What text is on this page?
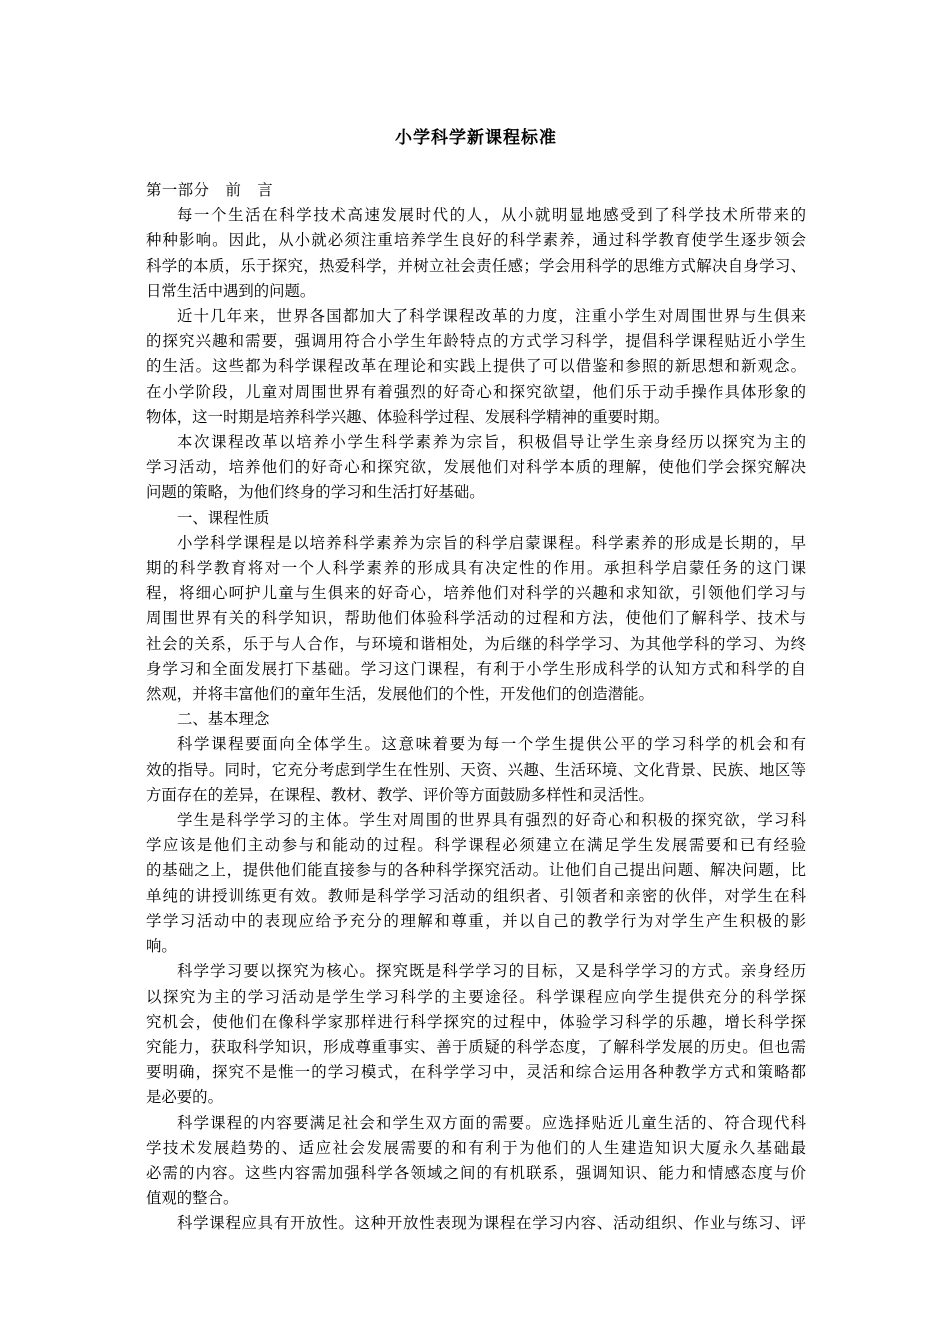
小学科学新课程标准

第一部分　前　言

每一个生活在科学技术高速发展时代的人，从小就明显地感受到了科学技术所带来的

种种影响。因此，从小就必须注重培养学生良好的科学素养，通过科学教育使学生逐步领会

科学的本质，乐于探究，热爱科学，并树立社会责任感；学会用科学的思维方式解决自身学习、

日常生活中遇到的问题。

近十几年来，世界各国都加大了科学课程改革的力度，注重小学生对周围世界与生俱来

的探究兴趣和需要，强调用符合小学生年龄特点的方式学习科学，提倡科学课程贴近小学生

的生活。这些都为科学课程改革在理论和实践上提供了可以借鉴和参照的新思想和新观念。

在小学阶段，儿童对周围世界有着强烈的好奇心和探究欲望，他们乐于动手操作具体形象的

物体，这一时期是培养科学兴趣、体验科学过程、发展科学精神的重要时期。

本次课程改革以培养小学生科学素养为宗旨，积极倡导让学生亲身经历以探究为主的

学习活动，培养他们的好奇心和探究欲，发展他们对科学本质的理解，使他们学会探究解决

问题的策略，为他们终身的学习和生活打好基础。

一、课程性质

小学科学课程是以培养科学素养为宗旨的科学启蒙课程。科学素养的形成是长期的，早

期的科学教育将对一个人科学素养的形成具有决定性的作用。承担科学启蒙任务的这门课

程，将细心呵护儿童与生俱来的好奇心，培养他们对科学的兴趣和求知欲，引领他们学习与

周围世界有关的科学知识，帮助他们体验科学活动的过程和方法，使他们了解科学、技术与

社会的关系，乐于与人合作，与环境和谐相处，为后继的科学学习、为其他学科的学习、为终

身学习和全面发展打下基础。学习这门课程，有利于小学生形成科学的认知方式和科学的自

然观，并将丰富他们的童年生活，发展他们的个性，开发他们的创造潜能。

二、基本理念

科学课程要面向全体学生。这意味着要为每一个学生提供公平的学习科学的机会和有

效的指导。同时，它充分考虑到学生在性别、天资、兴趣、生活环境、文化背景、民族、地区等

方面存在的差异，在课程、教材、教学、评价等方面鼓励多样性和灵活性。

学生是科学学习的主体。学生对周围的世界具有强烈的好奇心和积极的探究欲，学习科

学应该是他们主动参与和能动的过程。科学课程必须建立在满足学生发展需要和已有经验

的基础之上，提供他们能直接参与的各种科学探究活动。让他们自己提出问题、解决问题，比

单纯的讲授训练更有效。教师是科学学习活动的组织者、引领者和亲密的伙伴，对学生在科

学学习活动中的表现应给予充分的理解和尊重，并以自己的教学行为对学生产生积极的影

响。

科学学习要以探究为核心。探究既是科学学习的目标，又是科学学习的方式。亲身经历

以探究为主的学习活动是学生学习科学的主要途径。科学课程应向学生提供充分的科学探

究机会，使他们在像科学家那样进行科学探究的过程中，体验学习科学的乐趣，增长科学探

究能力，获取科学知识，形成尊重事实、善于质疑的科学态度，了解科学发展的历史。但也需

要明确，探究不是惟一的学习模式，在科学学习中，灵活和综合运用各种教学方式和策略都

是必要的。

科学课程的内容要满足社会和学生双方面的需要。应选择贴近儿童生活的、符合现代科

学技术发展趋势的、适应社会发展需要的和有利于为他们的人生建造知识大厦永久基础最

必需的内容。这些内容需加强科学各领域之间的有机联系，强调知识、能力和情感态度与价

值观的整合。

科学课程应具有开放性。这种开放性表现为课程在学习内容、活动组织、作业与练习、评
